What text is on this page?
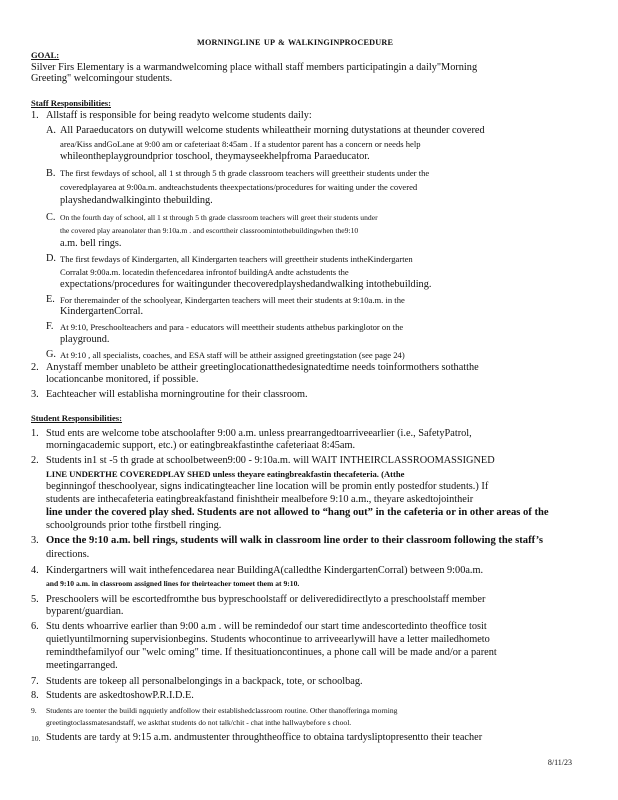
MORNINGLINE UP & WALKINGINPROCEDURE
GOAL:
Silver Firs Elementary is a warmandwelcoming place withall staff members participatingin a daily"Morning
Greeting" welcomingour students.
Staff Responsibilities:
1. Allstaff is responsible for being readyto welcome students daily:
A. All Paraeducators on dutywill welcome students whileattheir morning dutystations at theunder covered
area/Kiss andGoLane at 9:00 am or cafeteriaat 8:45am . If a studentor parent has a concern or needs help
whileontheplaygroundprior toschool, theymayseekhelpfroma Paraeducator.
B. The first fewdays of school, all 1 st through 5 th grade classroom teachers will greettheir students under the
coveredplayarea at 9:00a.m. andteachstudents theexpectations/procedures for waiting under the covered
playshedandwalkinginto thebuilding.
C. On the fourth day of school, all 1 st through 5 th grade classroom teachers will greet their students under
the covered play areanolater than 9:10a.m . and escorttheir classroomintothebuildingwhen the9:10
a.m. bell rings.
D. The first fewdays of Kindergarten, all Kindergarten teachers will greettheir students intheKindergarten
Corralat 9:00a.m. locatedin thefencedarea infrontof buildingA andte achstudents the
expectations/procedures for waitingunder thecoveredplayshedandwalking intothebuilding.
E. For theremainder of the schoolyear, Kindergarten teachers will meet their students at 9:10a.m. in the
KindergartenCorral.
F. At 9:10, Preschoolteachers and para - educators will meettheir students atthebus parkinglotor on the
playground.
G. At 9:10 , all specialists, coaches, and ESA staff will be attheir assigned greetingstation (see page 24)
2. Anystaff member unableto be attheir greetinglocationatthedesignatedtime needs toinformothers sothatthe
locationcanbe monitored, if possible.
3. Eachteacher will establisha morningroutine for their classroom.
Student Responsibilities:
1. Stud ents are welcome tobe atschoolafter 9:00 a.m. unless prearrangedtoarriveearlier (i.e., SafetyPatrol,
morningacademic support, etc.) or eatingbreakfastinthe cafeteriaat 8:45am.
2. Students in1 st -5 th grade at schoolbetween9:00 - 9:10a.m. will WAIT INTHEIRCLASSROOMASSIGNED
LINE UNDERTHE COVEREDPLAY SHED unless theyare eatingbreakfastin thecafeteria. (Atthe
beginningof theschoolyear, signs indicatingteacher line location will be promin ently postedfor students.) If
students are inthecafeteria eatingbreakfastand finishtheir mealbefore 9:10 a.m., theyare askedtojointheir
line under the covered play shed. Students are not allowed to “hang out” in the cafeteria or in other areas of the
schoolgrounds prior tothe firstbell ringing.
3. Once the 9:10 a.m. bell rings, students will walk in classroom line order to their classroom following the staff’s
directions.
4. Kindergartners will wait inthefencedarea near BuildingA(calledthe KindergartenCorral) between 9:00a.m.
and 9:10 a.m. in classroom assigned lines for theirteacher tomeet them at 9:10.
5. Preschoolers will be escortedfromthe bus bypreschoolstaff or deliveredidirectlyto a preschoolstaff member
byparent/guardian.
6. Stu dents whoarrive earlier than 9:00 a.m . will be remindedof our start time andescortedinto theoffice tosit
quietlyuntilmorning supervisionbegins. Students whocontinue to arriveearlywill have a letter mailedhometo
remindthefamilyof our "welc oming" time. If thesituationcontinues, a phone call will be made and/or a parent
meetingarranged.
7. Students are tokeep all personalbelongings in a backpack, tote, or schoolbag.
8. Students are askedtoshowP.R.I.D.E.
9. Students are toenter the buildi ngquietly andfollow their establishedclassroom routine. Other thanofferinga morning
greetingtoclassmatesandstaff, we askthat students do not talk/chit - chat inthe hallwaybefore s chool.
10. Students are tardy at 9:15 a.m. andmustenter throughtheoffice to obtaina tardysliptopresentto their teacher
8/11/23
